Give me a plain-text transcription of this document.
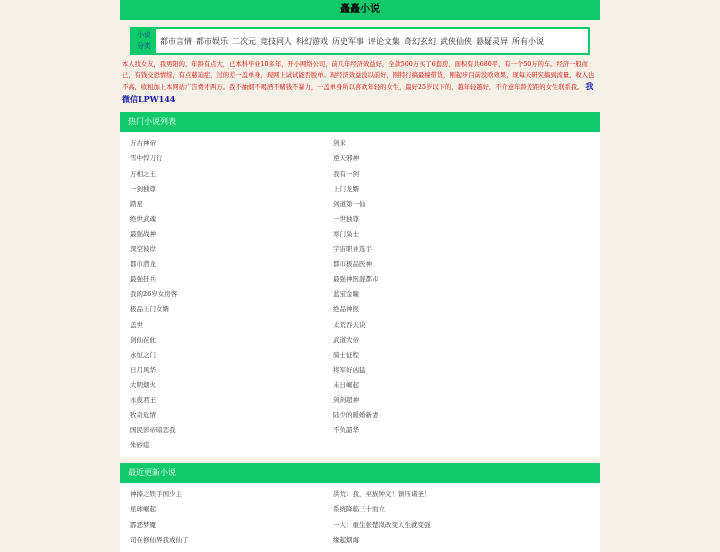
矗矗小说
小说
分类
都市言情 都市娱乐 二次元 竞技同人 科幻游戏 历史军事 评论文集 奇幻玄幻 武侠仙侠 悬疑灵异 所有小说
本人找女友，我男阳的，年龄有点大，已本科毕业10多年，开小网络公司，前几年经济效益好，全款500万买了6套房，面积有共680平，有一个50万的车。经济一般而已，有钱交恐情绽，有点慈迫症，过的差一盖单身，现网上试试能否脱单。现经济效益没以前好，刚特行搞最撞带货，刚起步目前没啥效果，现每天研究搞到流量，收入也不高，收租加上本网站广告费才两万。我不抽烟不喝酒不赌钱不暴力，一盖单身所以喜欢年轻的女生，最好25岁以下的，越年轻越好，不介意年龄差距的女生联系我。 我微信LPW144
热门小说列表
万古神帝	剑来
雪中悍刀行	逆天邪神
万相之王	我有一剑
一剑独尊	上门龙婿
踏星	剑道第一仙
绝世武魂	一世独尊
最强战神	寒门枭士
深空彼岸	宇宙职业选手
都市潜龙	都市极品医神
最强狂兵	最强神医混都市
我的26岁女房客	蓝宝金瞳
极品上门女婿	绝品神医
盖世	太荒吞天诀
剑仙在此	武道大帝
永恒之门	骑士征程
日月风华	将军好凶猛
大明烟火	末日崛起
永夜君王	剑剑超神
牧奇危情	陆少的暖婚新妻
国民影帝暗恋我	不负韶华
朱砂痣
最近更新小说
神捧之铁手国少主	洪荒：我，巫族钟义！镇压诸圣！
星球崛起	系统降临三十而立
霹恶梦魇	一人：重生张楚岚改变人生就变强
司在修仙界我成仙了	缘起烟海
